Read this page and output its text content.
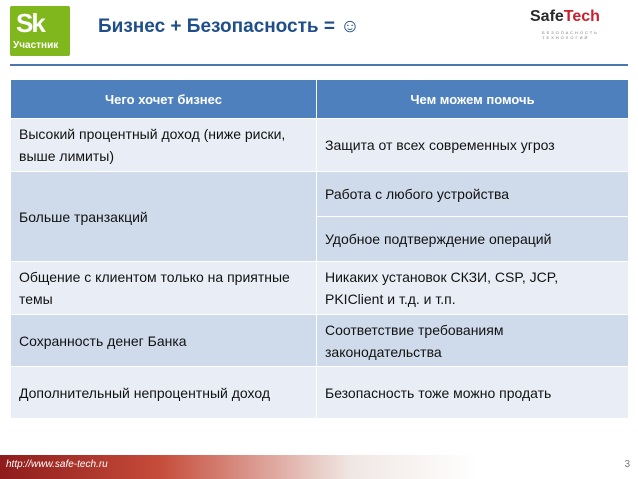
Sk
Участник
Бизнес + Безопасность = ☺	SafeTech
БЕЗОПАСНОСТЬ ТЕХНОЛОГИЙ
Чего хочет бизнес	Чем можем помочь
Высокий процентный доход (ниже риски, выше лимиты)	Защита от всех современных угроз
Больше транзакций	Работа с любого устройства
	Удобное подтверждение операций
Общение с клиентом только на приятные темы	Никаких установок СКЗИ, CSP, JCP, PKIClient и т.д. и т.п.
Сохранность денег Банка	Соответствие требованиям законодательства
Дополнительный непроцентный доход	Безопасность тоже можно продать
http://www.safe-tech.ru	3
